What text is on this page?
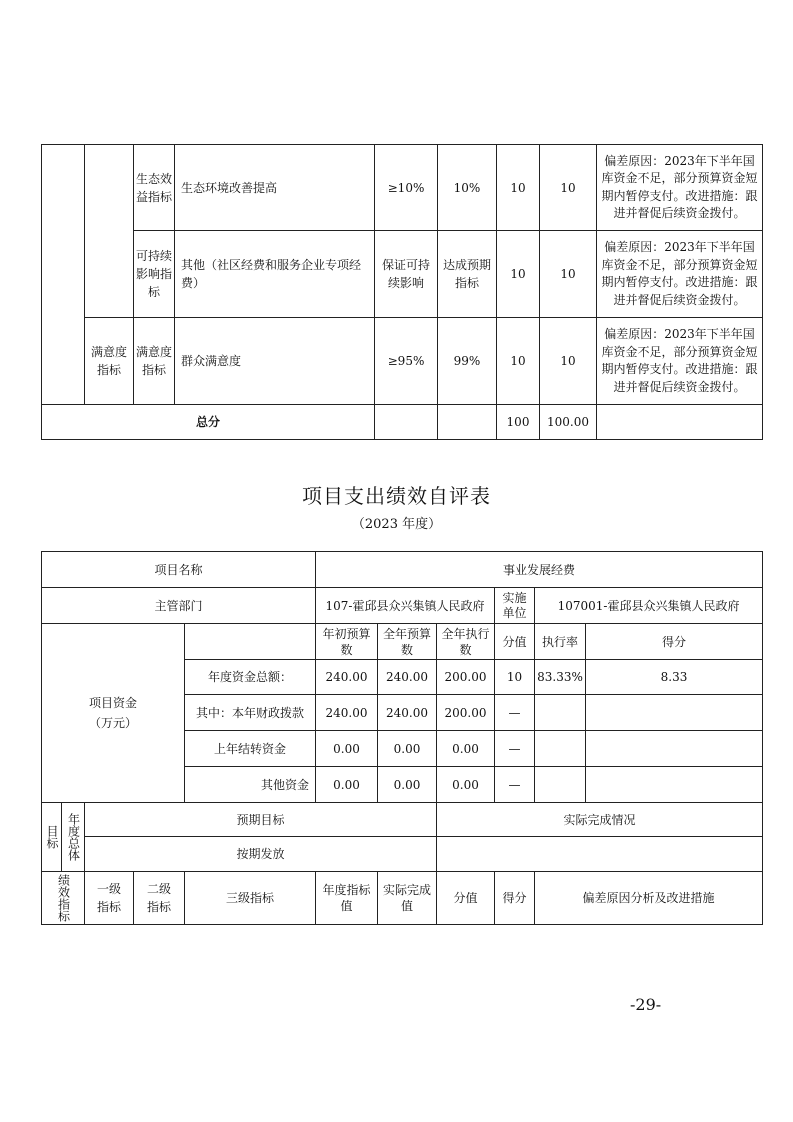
		生态效益指标	生态环境改善提高	≥10%	10%	10	10	偏差原因：2023年下半年国库资金不足，部分预算资金短期内暂停支付。改进措施：跟进并督促后续资金拨付。
		可持续影响指标	其他（社区经费和服务企业专项经费）	保证可持续影响	达成预期指标	10	10	偏差原因：2023年下半年国库资金不足，部分预算资金短期内暂停支付。改进措施：跟进并督促后续资金拨付。
	满意度指标	满意度指标	群众满意度	≥95%	99%	10	10	偏差原因：2023年下半年国库资金不足，部分预算资金短期内暂停支付。改进措施：跟进并督促后续资金拨付。
总分						100	100.00	
项目支出绩效自评表
（2023 年度）
项目名称	事业发展经费		
主管部门	107-霍邱县众兴集镇人民政府	实施单位	107001-霍邱县众兴集镇人民政府
项目资金（万元）		年初预算数	全年预算数	全年执行数	分值	执行率	得分
	年度资金总额：	240.00	240.00	200.00	10	83.33%	8.33
	其中：本年财政拨款	240.00	240.00	200.00	—		
	上年结转资金	0.00	0.00	0.00	—		
	其他资金	0.00	0.00	0.00	—		
目标	年度总体	预期目标					实际完成情况		
		按期发放							

绩效指标		一级指标	二级指标	三级指标	年度指标值	实际完成值	分值	得分	偏差原因分析及改进措施
-29-
